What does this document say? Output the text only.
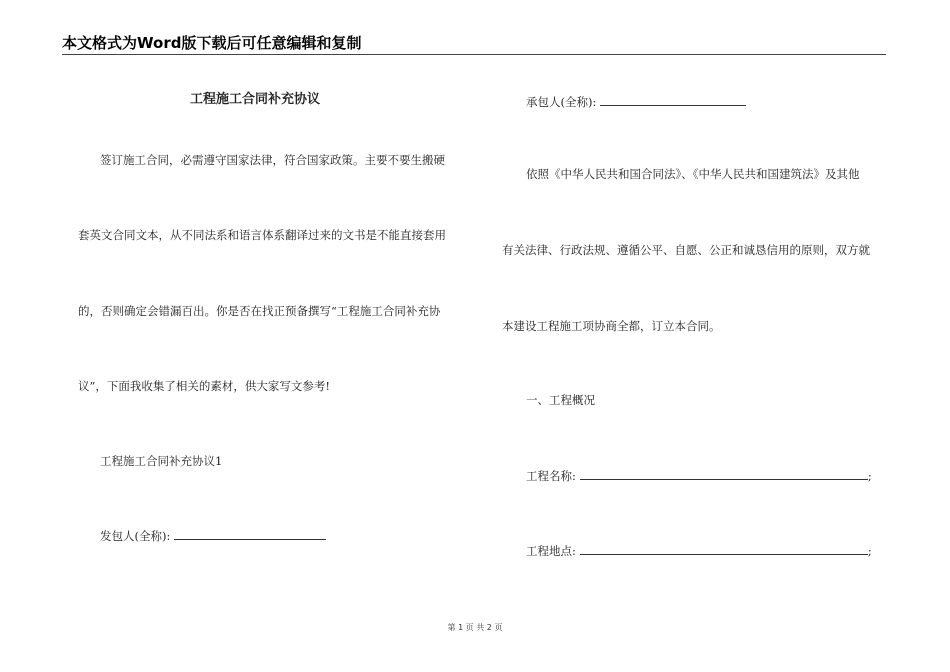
本文格式为Word版下载后可任意编辑和复制
工程施工合同补充协议
签订施工合同，必需遵守国家法律，符合国家政策。主要不要生搬硬
套英文合同文本，从不同法系和语言体系翻译过来的文书是不能直接套用
的，否则确定会错漏百出。你是否在找正预备撰写“工程施工合同补充协
议”，下面我收集了相关的素材，供大家写文参考!
工程施工合同补充协议1
发包人(全称):
承包人(全称):
依照《中华人民共和国合同法》、《中华人民共和国建筑法》及其他
有关法律、行政法规、遵循公平、自愿、公正和诚恳信用的原则，双方就
本建设工程施工项协商全都，订立本合同。
一、工程概况
工程名称:	;
工程地点:	;
第 1 页 共 2 页
